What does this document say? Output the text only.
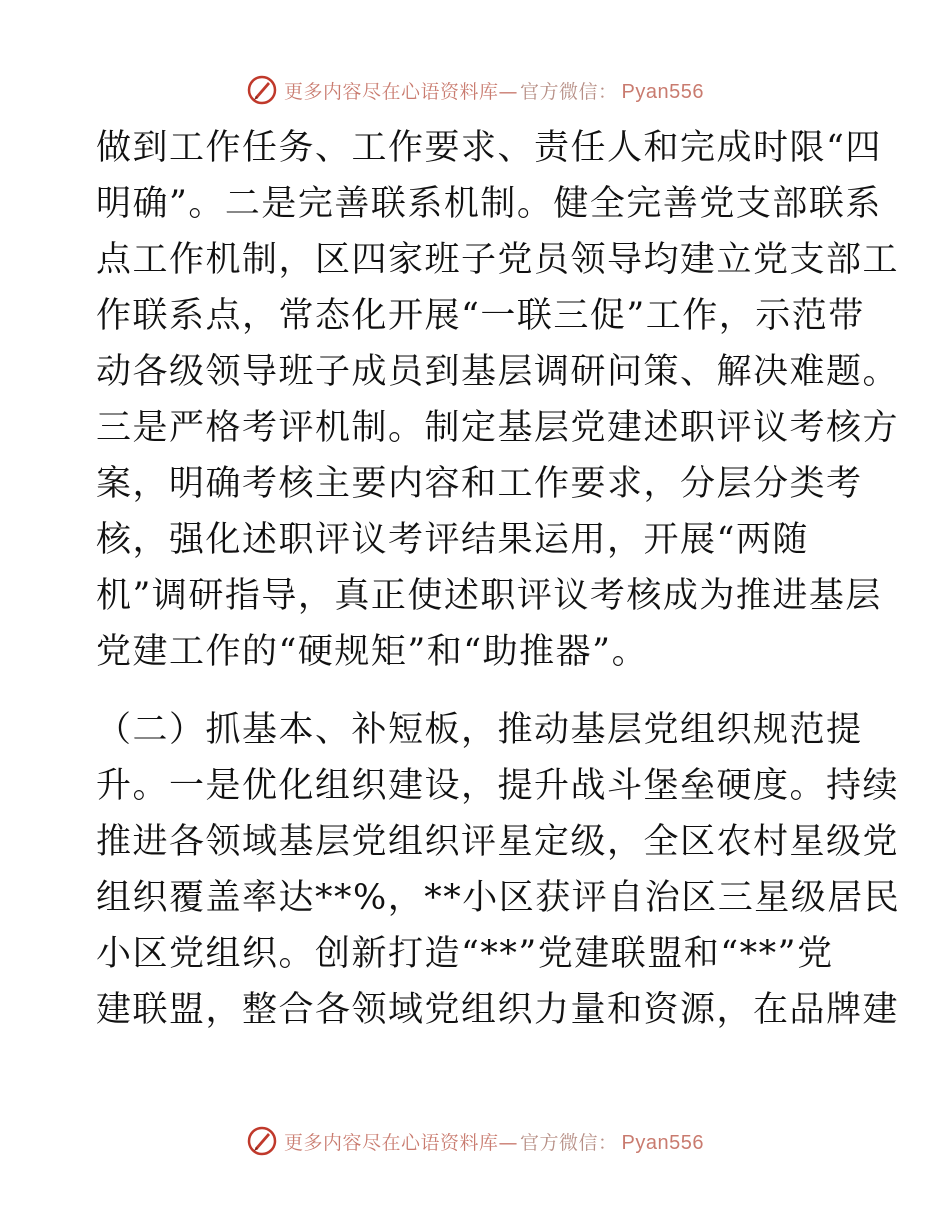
更多内容尽在心语资料库 — 官方微信： Pyan556

做到工作任务、工作要求、责任人和完成时限“四
明确”。二是完善联系机制。健全完善党支部联系
点工作机制，区四家班子党员领导均建立党支部工
作联系点，常态化开展“一联三促”工作，示范带
动各级领导班子成员到基层调研问策、解决难题。
三是严格考评机制。制定基层党建述职评议考核方
案，明确考核主要内容和工作要求，分层分类考
核，强化述职评议考评结果运用，开展“两随
机”调研指导，真正使述职评议考核成为推进基层
党建工作的“硬规矩”和“助推器”。

（二）抓基本、补短板，推动基层党组织规范提
升。一是优化组织建设，提升战斗堡垒硬度。持续
推进各领域基层党组织评星定级，全区农村星级党
组织覆盖率达**%，**小区获评自治区三星级居民
小区党组织。创新打造“**”党建联盟和“**”党
建联盟，整合各领域党组织力量和资源，在品牌建

更多内容尽在心语资料库 — 官方微信： Pyan556
